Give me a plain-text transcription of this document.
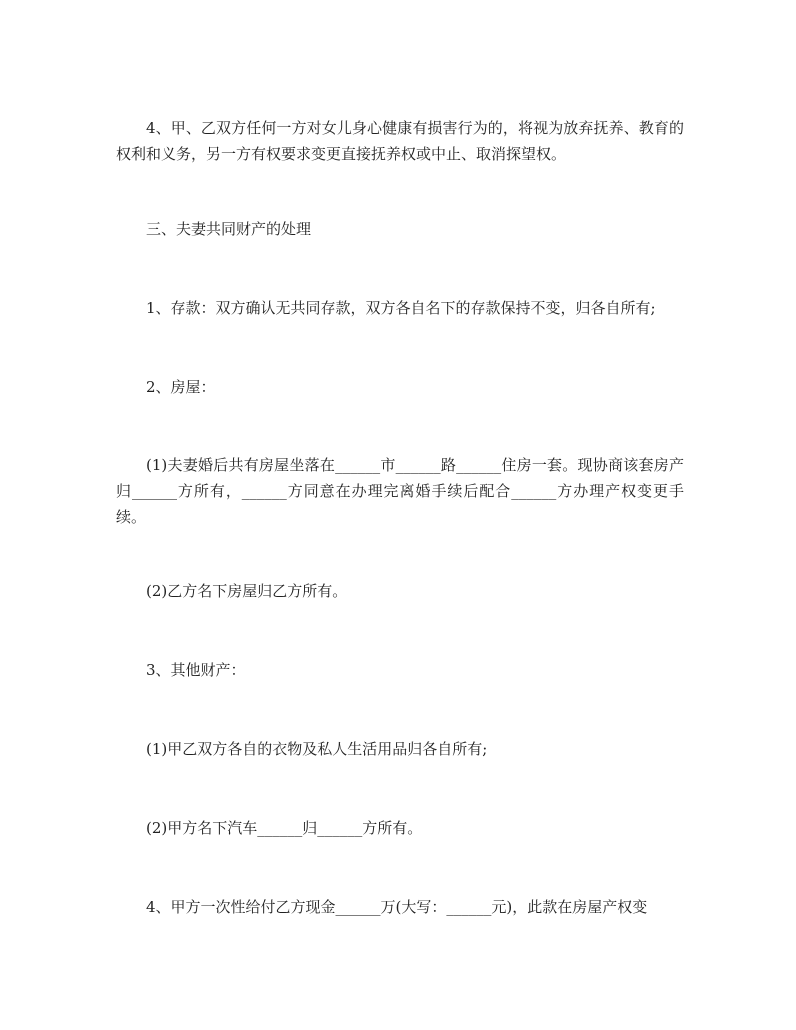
4、甲、乙双方任何一方对女儿身心健康有损害行为的，将视为放弃抚养、教育的权利和义务，另一方有权要求变更直接抚养权或中止、取消探望权。

三、夫妻共同财产的处理

1、存款：双方确认无共同存款，双方各自名下的存款保持不变，归各自所有;

2、房屋：

(1)夫妻婚后共有房屋坐落在______市______路______住房一套。现协商该套房产归______方所有，______方同意在办理完离婚手续后配合______方办理产权变更手续。

(2)乙方名下房屋归乙方所有。

3、其他财产：

(1)甲乙双方各自的衣物及私人生活用品归各自所有;

(2)甲方名下汽车______归______方所有。

4、甲方一次性给付乙方现金______万(大写：______元)，此款在房屋产权变
